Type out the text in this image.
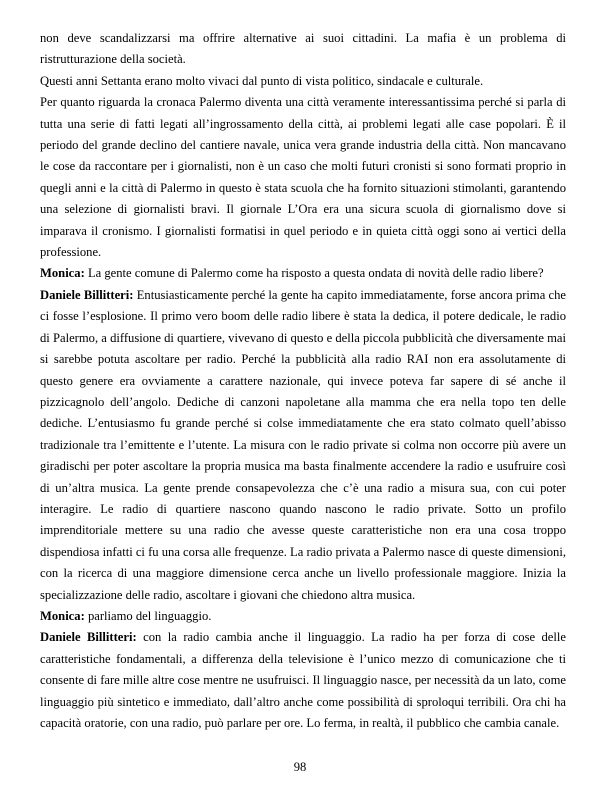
non deve scandalizzarsi ma offrire alternative ai suoi cittadini. La mafia è un problema di ristrutturazione della società.

Questi anni Settanta erano molto vivaci dal punto di vista politico, sindacale e culturale.

Per quanto riguarda la cronaca Palermo diventa una città veramente interessantissima perché si parla di tutta una serie di fatti legati all’ingrossamento della città, ai problemi legati alle case popolari. È il periodo del grande declino del cantiere navale, unica vera grande industria della città. Non mancavano le cose da raccontare per i giornalisti, non è un caso che molti futuri cronisti si sono formati proprio in quegli anni e la città di Palermo in questo è stata scuola che ha fornito situazioni stimolanti, garantendo una selezione di giornalisti bravi. Il giornale L’Ora era una sicura scuola di giornalismo dove si imparava il cronismo. I giornalisti formatisi in quel periodo e in quieta città oggi sono ai vertici della professione.

Monica: La gente comune di Palermo come ha risposto a questa ondata di novità delle radio libere?

Daniele Billitteri: Entusiasticamente perché la gente ha capito immediatamente, forse ancora prima che ci fosse l’esplosione. Il primo vero boom delle radio libere è stata la dedica, il potere dedicale, le radio di Palermo, a diffusione di quartiere, vivevano di questo e della piccola pubblicità che diversamente mai si sarebbe potuta ascoltare per radio. Perché la pubblicità alla radio RAI non era assolutamente di questo genere era ovviamente a carattere nazionale, qui invece poteva far sapere di sé anche il pizzicagnolo dell’angolo. Dediche di canzoni napoletane alla mamma che era nella topo ten delle dediche. L’entusiasmo fu grande perché si colse immediatamente che era stato colmato quell’abisso tradizionale tra l’emittente e l’utente. La misura con le radio private si colma non occorre più avere un giradischi per poter ascoltare la propria musica ma basta finalmente accendere la radio e usufruire così di un’altra musica. La gente prende consapevolezza che c’è una radio a misura sua, con cui poter interagire. Le radio di quartiere nascono quando nascono le radio private. Sotto un profilo imprenditoriale mettere su una radio che avesse queste caratteristiche non era una cosa troppo dispendiosa infatti ci fu una corsa alle frequenze. La radio privata a Palermo nasce di queste dimensioni, con la ricerca di una maggiore dimensione cerca anche un livello professionale maggiore. Inizia la specializzazione delle radio, ascoltare i giovani che chiedono altra musica.

Monica: parliamo del linguaggio.

Daniele Billitteri: con la radio cambia anche il linguaggio. La radio ha per forza di cose delle caratteristiche fondamentali, a differenza della televisione è l’unico mezzo di comunicazione che ti consente di fare mille altre cose mentre ne usufruisci. Il linguaggio nasce, per necessità da un lato, come linguaggio più sintetico e immediato, dall’altro anche come possibilità di sproloqui terribili. Ora chi ha capacità oratorie, con una radio, può parlare per ore. Lo ferma, in realtà, il pubblico che cambia canale.

98
